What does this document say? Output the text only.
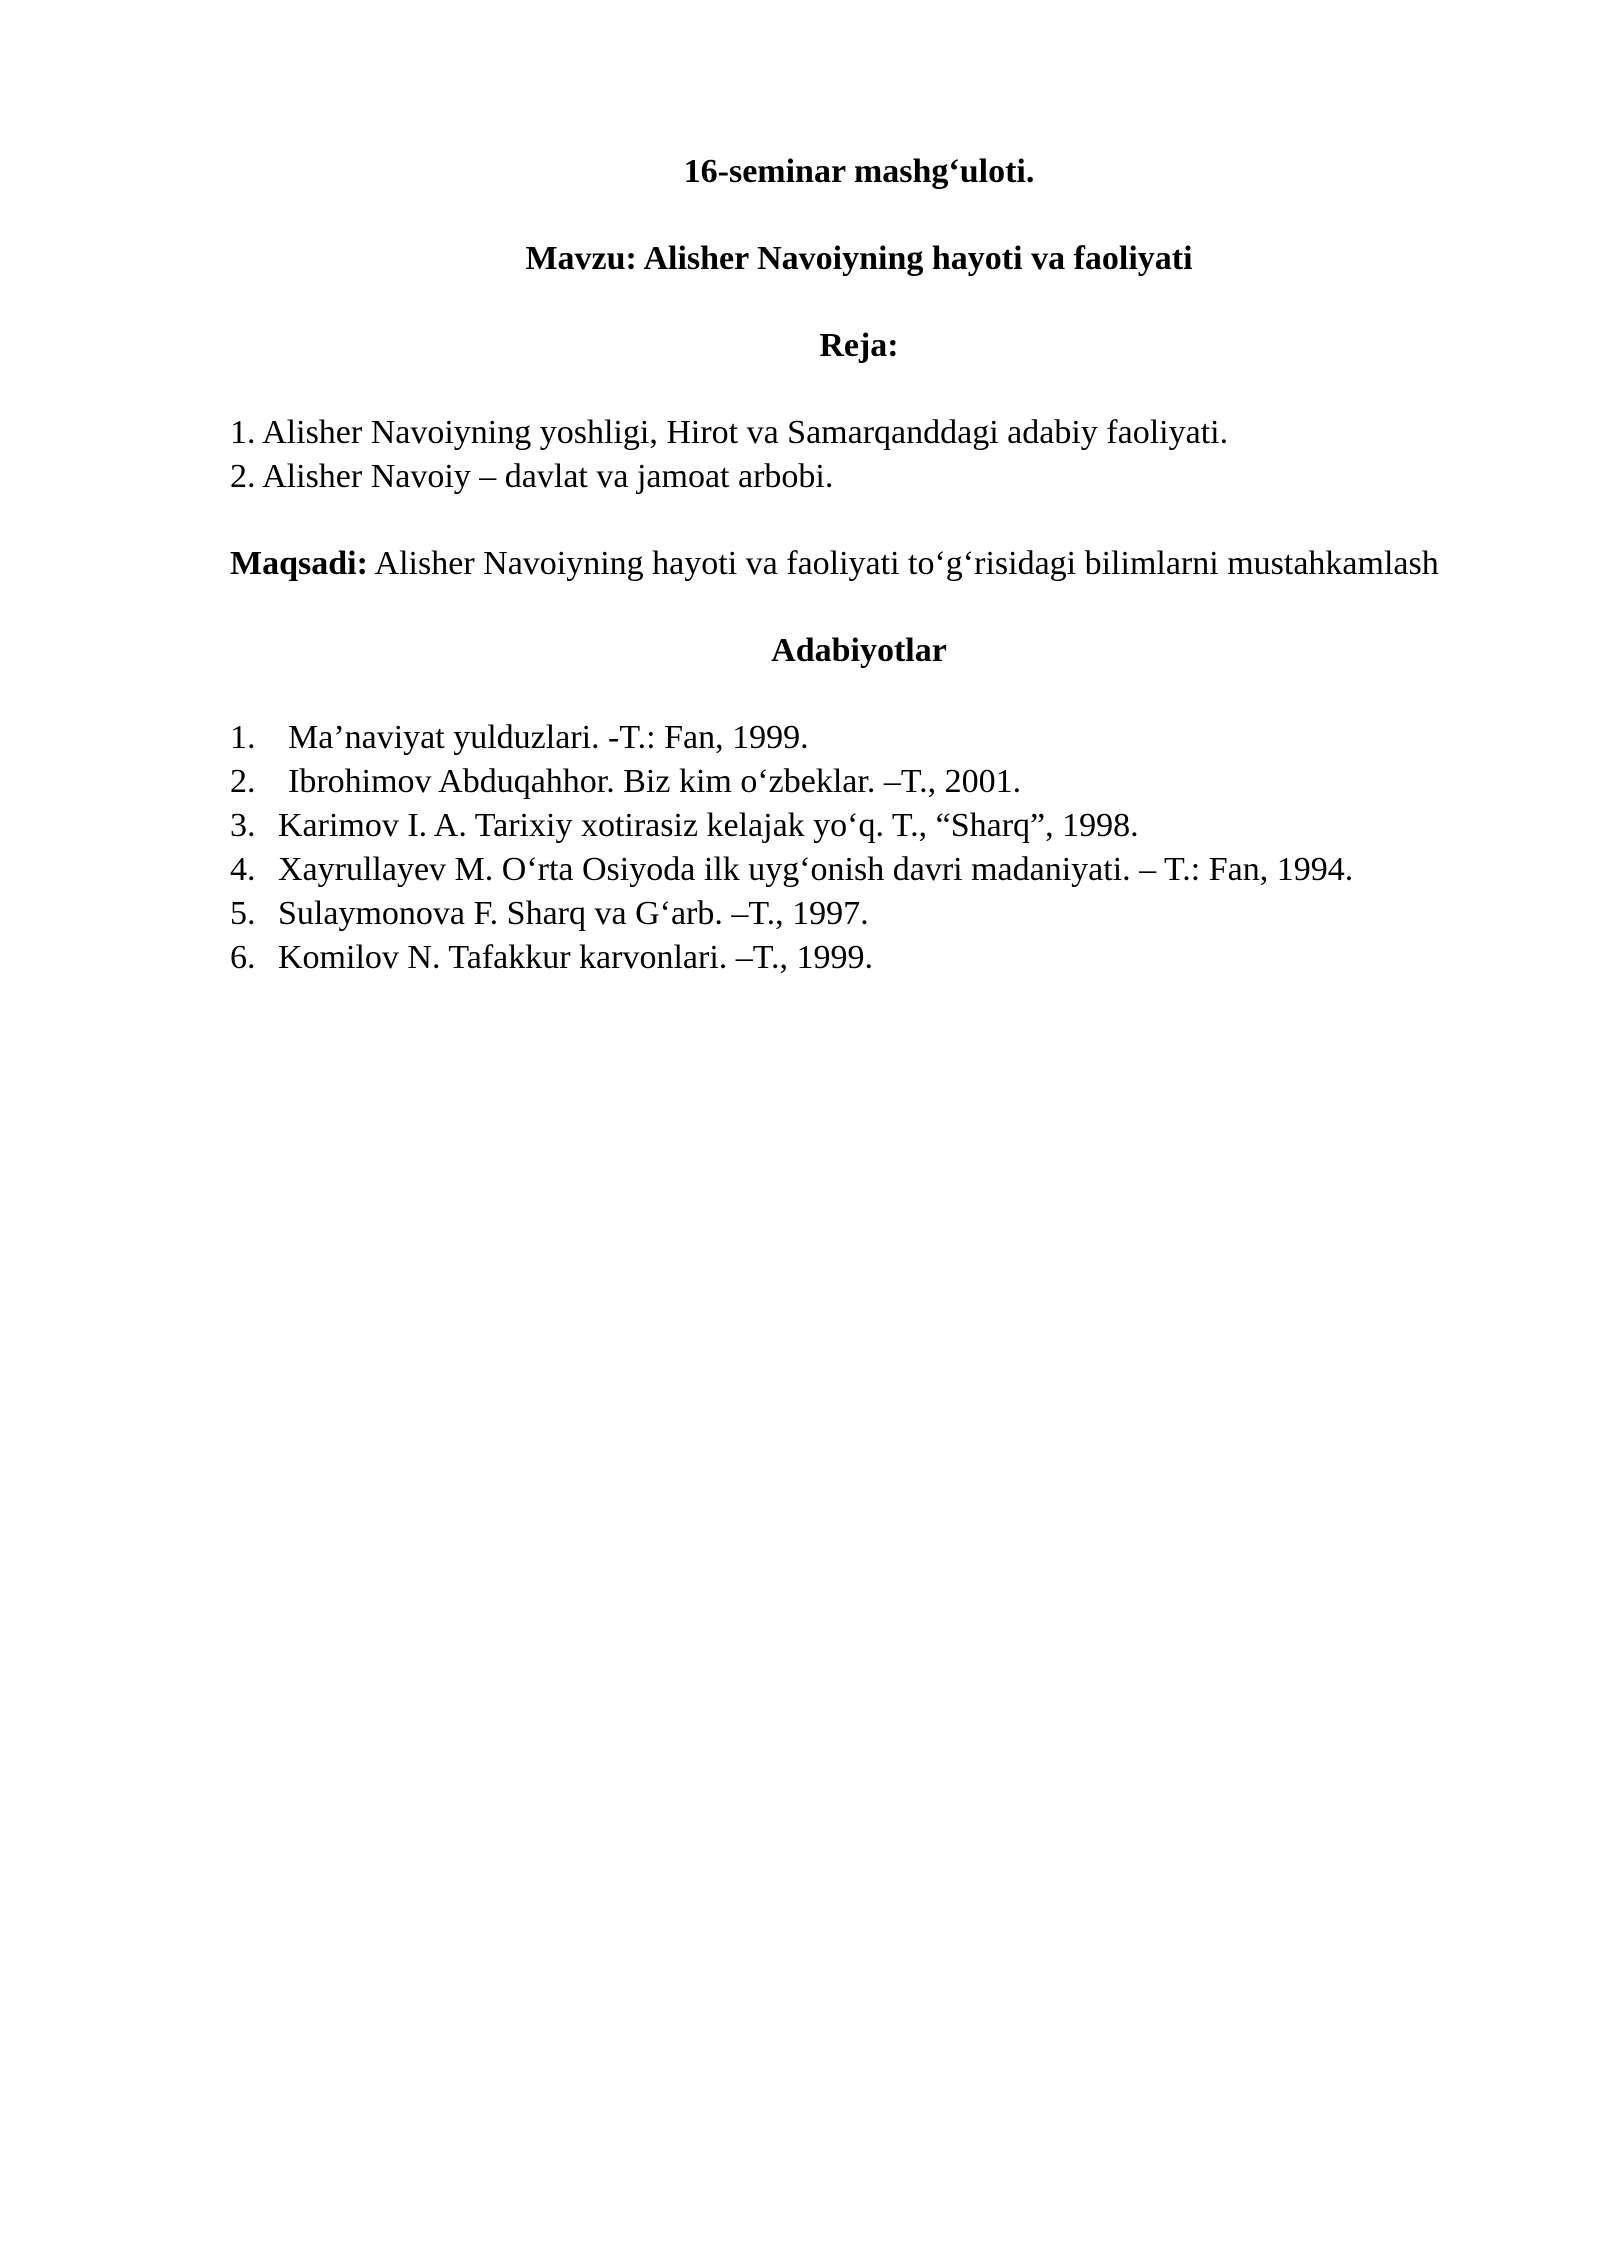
16-seminar mashg‘uloti.

Mavzu: Alisher Navoiyning hayoti va faoliyati

Reja:

1. Alisher Navoiyning yoshligi, Hirot va Samarqanddagi adabiy faoliyati.
2. Alisher Navoiy – davlat va jamoat arbobi.

Maqsadi: Alisher Navoiyning hayoti va faoliyati to‘g‘risidagi bilimlarni mustahkamlash

Adabiyotlar

1. Ma’naviyat yulduzlari. -T.: Fan, 1999.
2. Ibrohimov Abduqahhor. Biz kim o‘zbeklar. –T., 2001.
3. Karimov I. A. Tarixiy xotirasiz kelajak yo‘q. T., “Sharq”, 1998.
4. Xayrullayev M. O‘rta Osiyoda ilk uyg‘onish davri madaniyati. – T.: Fan, 1994.
5. Sulaymonova F. Sharq va G‘arb. –T., 1997.
6. Komilov N. Tafakkur karvonlari. –T., 1999.
